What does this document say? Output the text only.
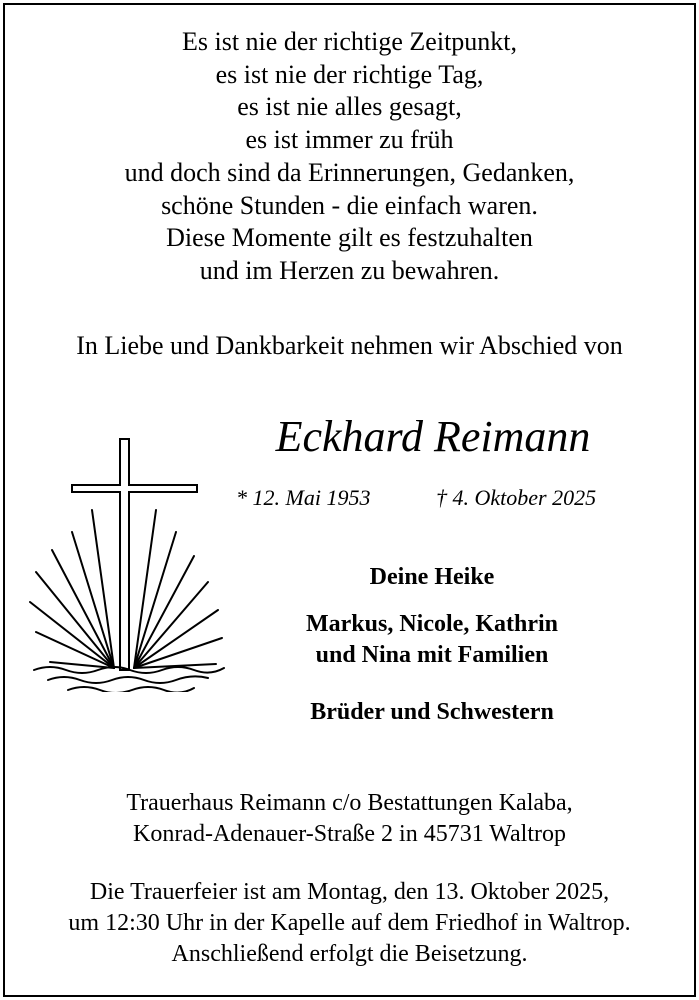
Es ist nie der richtige Zeitpunkt,
es ist nie der richtige Tag,
es ist nie alles gesagt,
es ist immer zu früh
und doch sind da Erinnerungen, Gedanken,
schöne Stunden - die einfach waren.
Diese Momente gilt es festzuhalten
und im Herzen zu bewahren.
In Liebe und Dankbarkeit nehmen wir Abschied von
Eckhard Reimann
* 12. Mai 1953	† 4. Oktober 2025
Deine Heike
Markus, Nicole, Kathrin
und Nina mit Familien
Brüder und Schwestern
Trauerhaus Reimann c/o Bestattungen Kalaba,
Konrad-Adenauer-Straße 2 in 45731 Waltrop
Die Trauerfeier ist am Montag, den 13. Oktober 2025,
um 12:30 Uhr in der Kapelle auf dem Friedhof in Waltrop.
Anschließend erfolgt die Beisetzung.
